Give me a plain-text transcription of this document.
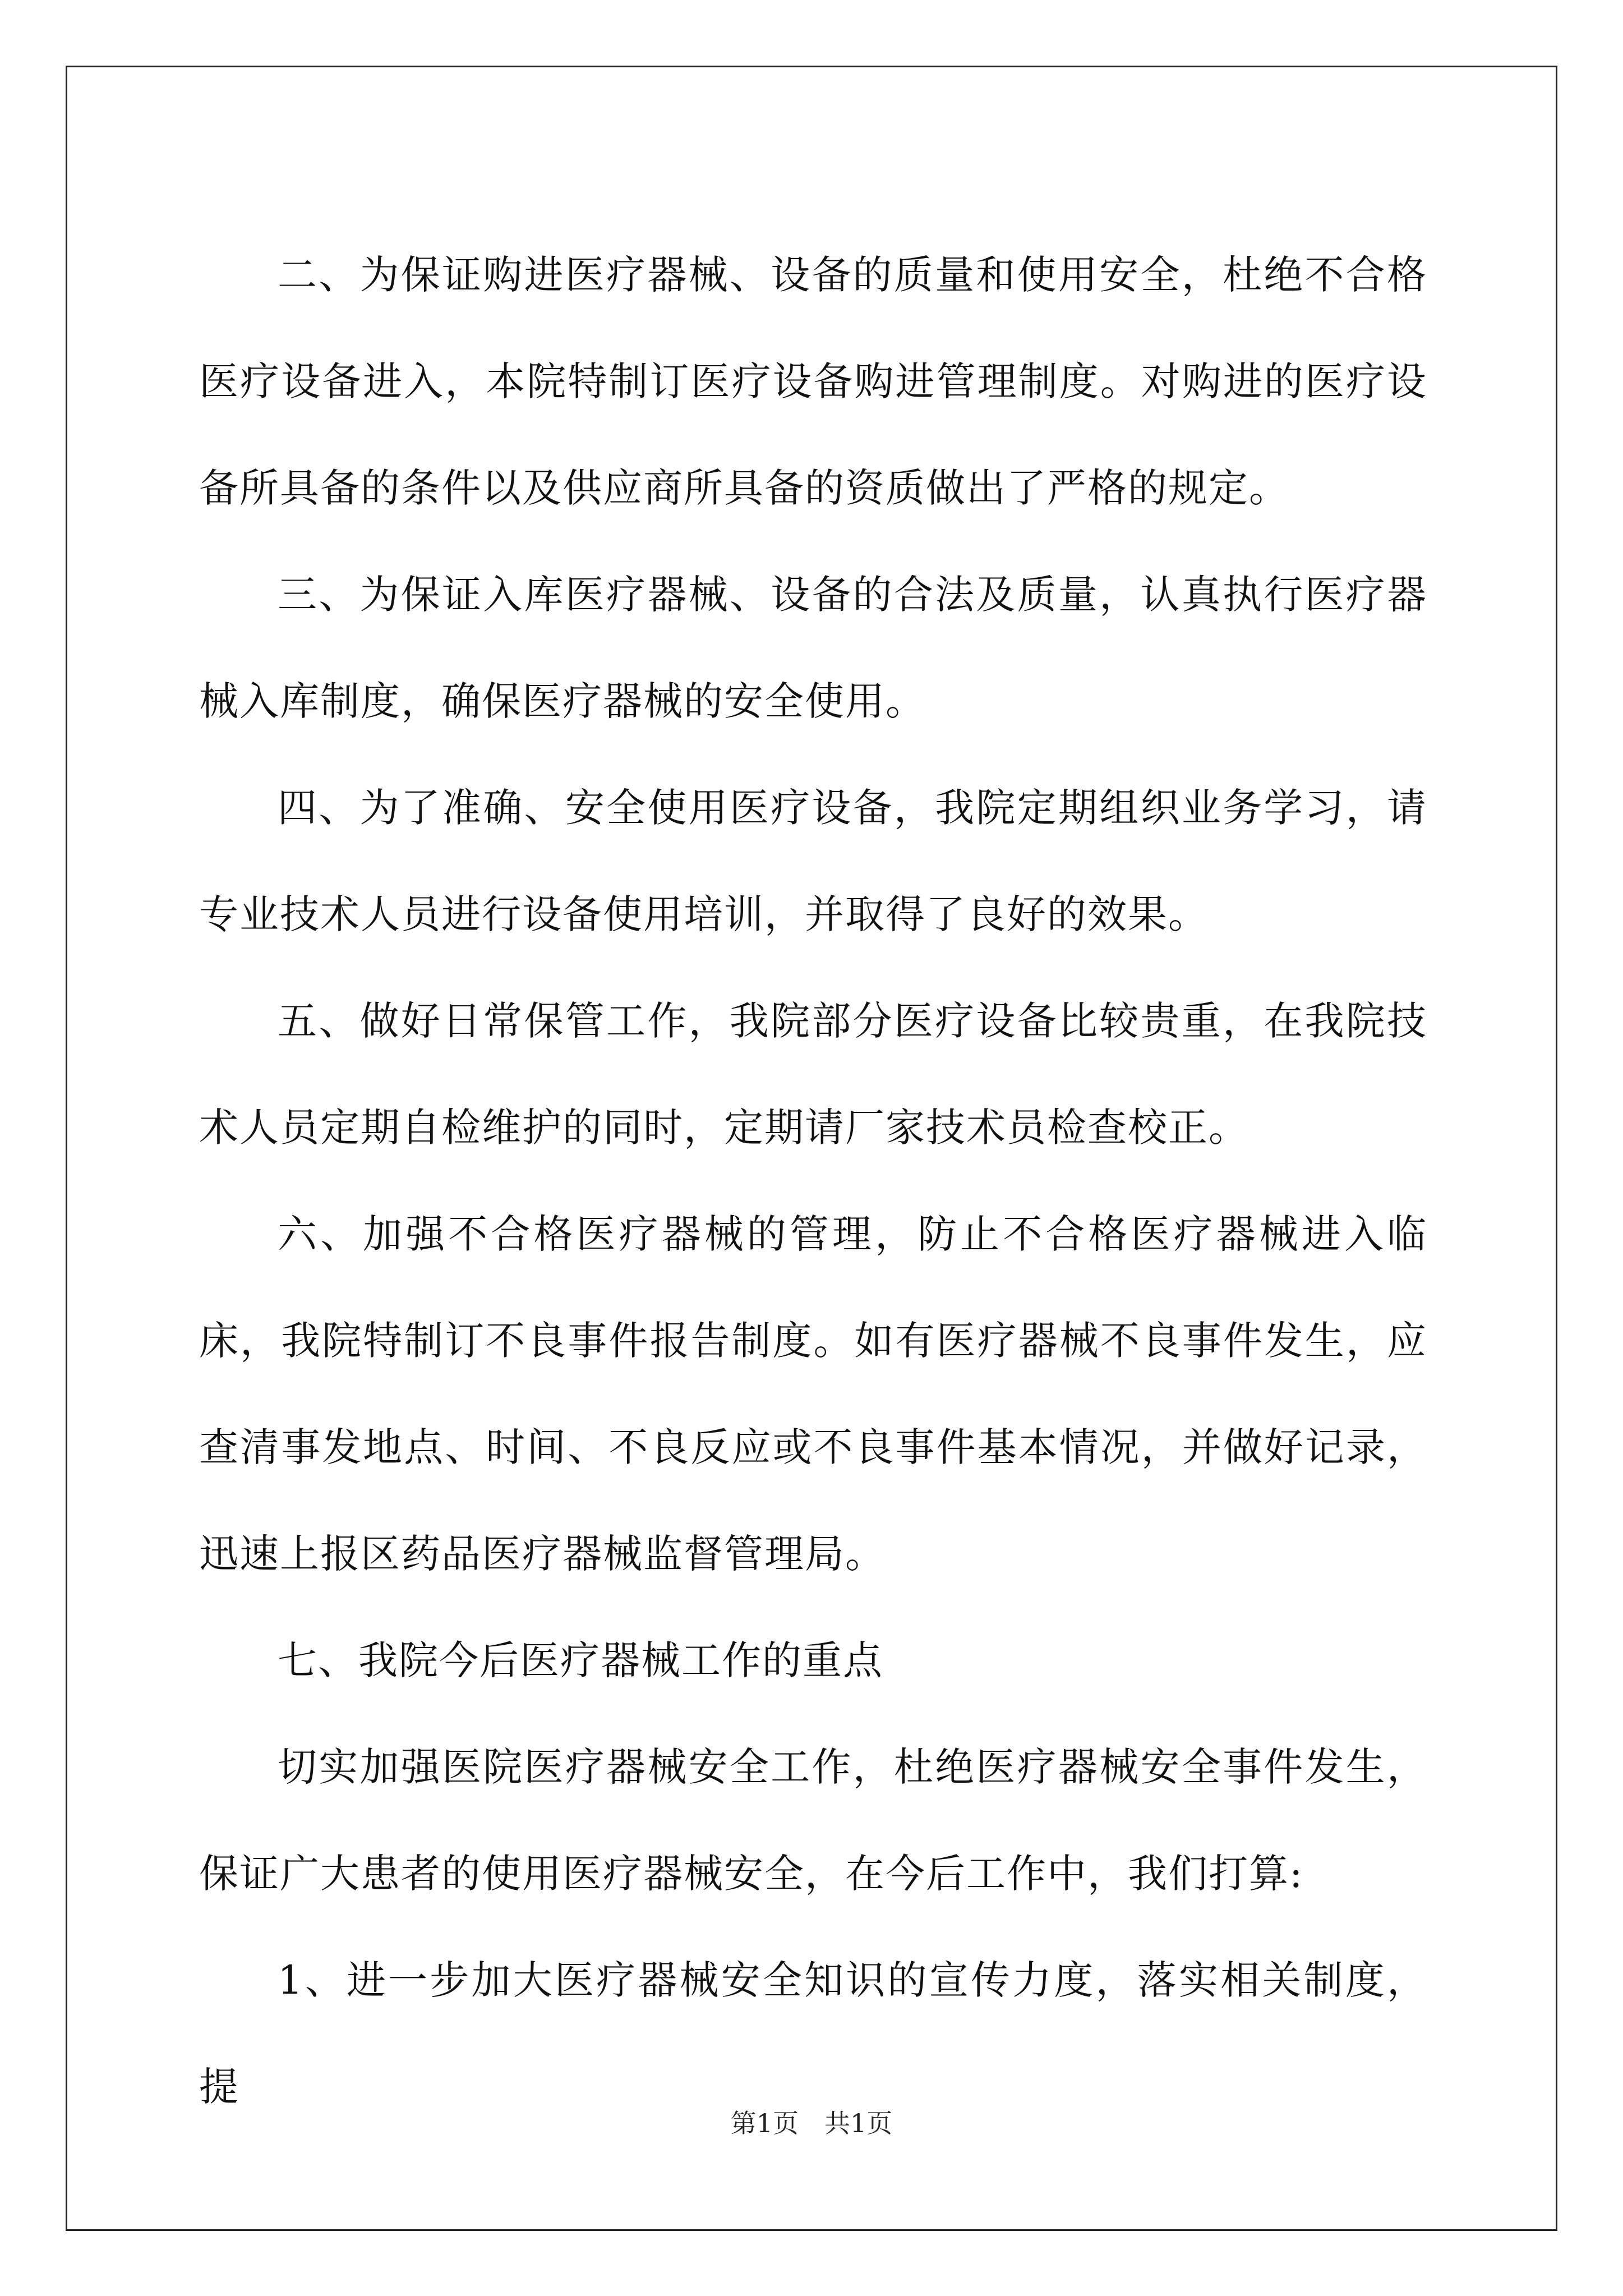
二、为保证购进医疗器械、设备的质量和使用安全，杜绝不合格医疗设备进入，本院特制订医疗设备购进管理制度。对购进的医疗设备所具备的条件以及供应商所具备的资质做出了严格的规定。

三、为保证入库医疗器械、设备的合法及质量，认真执行医疗器械入库制度，确保医疗器械的安全使用。

四、为了准确、安全使用医疗设备，我院定期组织业务学习，请专业技术人员进行设备使用培训，并取得了良好的效果。

五、做好日常保管工作，我院部分医疗设备比较贵重，在我院技术人员定期自检维护的同时，定期请厂家技术员检查校正。

六、加强不合格医疗器械的管理，防止不合格医疗器械进入临床，我院特制订不良事件报告制度。如有医疗器械不良事件发生，应查清事发地点、时间、不良反应或不良事件基本情况，并做好记录，迅速上报区药品医疗器械监督管理局。

七、我院今后医疗器械工作的重点

切实加强医院医疗器械安全工作，杜绝医疗器械安全事件发生，保证广大患者的使用医疗器械安全，在今后工作中，我们打算:

1、进一步加大医疗器械安全知识的宣传力度，落实相关制度，提

第1页　共1页
